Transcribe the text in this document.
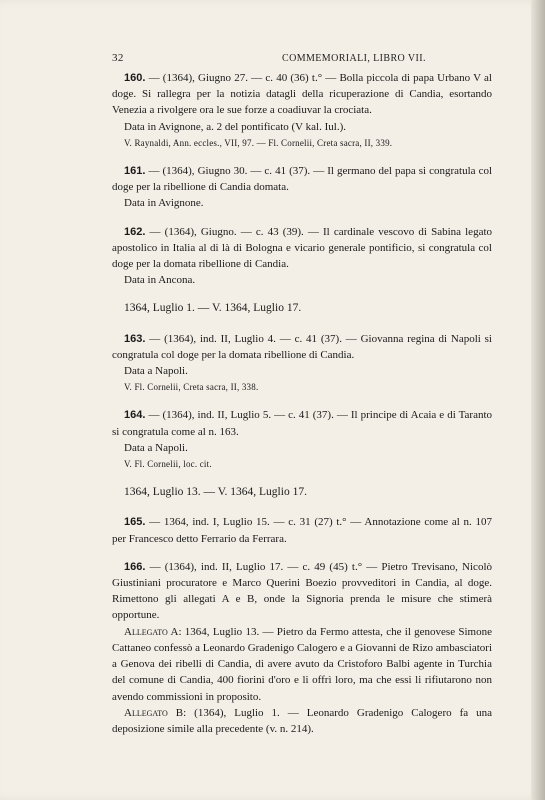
32	COMMEMORIALI, LIBRO VII.

160. — (1364), Giugno 27. — c. 40 (36) t.° — Bolla piccola di papa Urbano V al doge. Si rallegra per la notizia datagli della ricuperazione di Candia, esortando Venezia a rivolgere ora le sue forze a coadiuvar la crociata.

Data in Avignone, a. 2 del pontificato (V kal. Iul.).

V. Raynaldi, Ann. eccles., VII, 97. — Fl. Cornelii, Creta sacra, II, 339.

161. — (1364), Giugno 30. — c. 41 (37). — Il germano del papa si congratula col doge per la ribellione di Candia domata.

Data in Avignone.

162. — (1364), Giugno. — c. 43 (39). — Il cardinale vescovo di Sabina legato apostolico in Italia al di là di Bologna e vicario generale pontificio, si congratula col doge per la domata ribellione di Candia.

Data in Ancona.

1364, Luglio 1. — V. 1364, Luglio 17.

163. — (1364), ind. II, Luglio 4. — c. 41 (37). — Giovanna regina di Napoli si congratula col doge per la domata ribellione di Candia.

Data a Napoli.

V. Fl. Cornelii, Creta sacra, II, 338.

164. — (1364), ind. II, Luglio 5. — c. 41 (37). — Il principe di Acaia e di Taranto si congratula come al n. 163.

Data a Napoli.

V. Fl. Cornelii, loc. cit.

1364, Luglio 13. — V. 1364, Luglio 17.

165. — 1364, ind. I, Luglio 15. — c. 31 (27) t.° — Annotazione come al n. 107 per Francesco detto Ferrario da Ferrara.

166. — (1364), ind. II, Luglio 17. — c. 49 (45) t.° — Pietro Trevisano, Nicolò Giustiniani procuratore e Marco Querini Boezio provveditori in Candia, al doge. Rimettono gli allegati A e B, onde la Signoria prenda le misure che stimerà opportune.

Allegato A: 1364, Luglio 13. — Pietro da Fermo attesta, che il genovese Simone Cattaneo confessò a Leonardo Gradenigo Calogero e a Giovanni de Rizo ambasciatori a Genova dei ribelli di Candia, di avere avuto da Cristoforo Balbi agente in Turchia del comune di Candia, 400 fiorini d'oro e li offrì loro, ma che essi li rifiutarono non avendo commissioni in proposito.

Allegato B: (1364), Luglio 1. — Leonardo Gradenigo Calogero fa una deposizione simile alla precedente (v. n. 214).
